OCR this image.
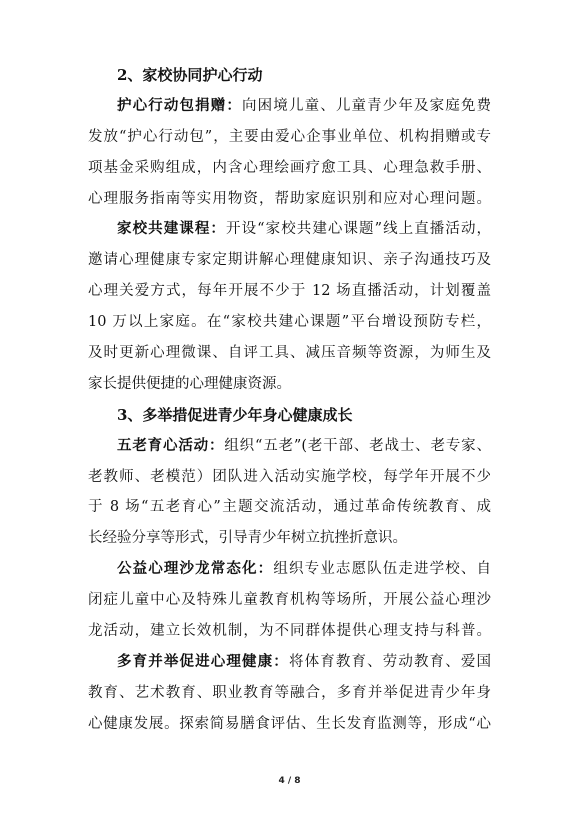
2、家校协同护心行动
护心行动包捐赠：向困境儿童、儿童青少年及家庭免费
发放“护心行动包”，主要由爱心企事业单位、机构捐赠或专
项基金采购组成，内含心理绘画疗愈工具、心理急救手册、
心理服务指南等实用物资，帮助家庭识别和应对心理问题。
家校共建课程：开设“家校共建心课题”线上直播活动，
邀请心理健康专家定期讲解心理健康知识、亲子沟通技巧及
心理关爱方式，每年开展不少于 12 场直播活动，计划覆盖
10 万以上家庭。在“家校共建心课题”平台增设预防专栏，
及时更新心理微课、自评工具、减压音频等资源，为师生及
家长提供便捷的心理健康资源。
3、多举措促进青少年身心健康成长
五老育心活动：组织“五老”(老干部、老战士、老专家、
老教师、老模范）团队进入活动实施学校，每学年开展不少
于 8 场“五老育心”主题交流活动，通过革命传统教育、成
长经验分享等形式，引导青少年树立抗挫折意识。
公益心理沙龙常态化：组织专业志愿队伍走进学校、自
闭症儿童中心及特殊儿童教育机构等场所，开展公益心理沙
龙活动，建立长效机制，为不同群体提供心理支持与科普。
多育并举促进心理健康：将体育教育、劳动教育、爱国
教育、艺术教育、职业教育等融合，多育并举促进青少年身
心健康发展。探索简易膳食评估、生长发育监测等，形成“心
4 / 8
